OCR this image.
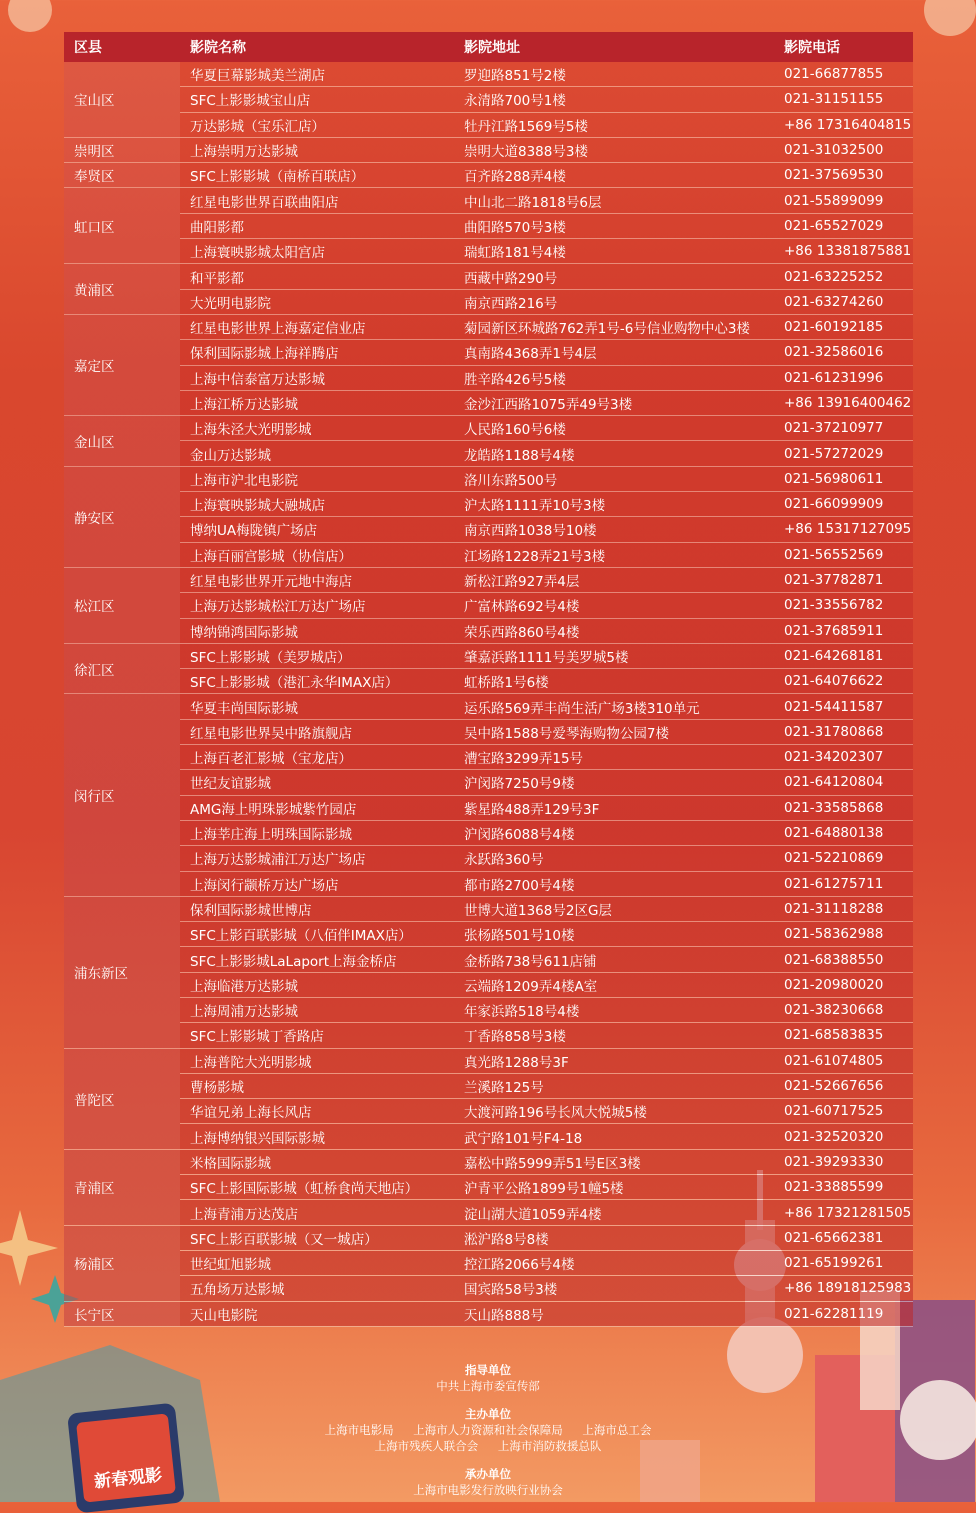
区县	影院名称	影院地址	影院电话
宝山区	华夏巨幕影城美兰湖店	罗迎路851号2楼	021-66877855
	SFC上影影城宝山店	永清路700号1楼	021-31151155
	万达影城（宝乐汇店）	牡丹江路1569号5楼	+86 17316404815
崇明区	上海崇明万达影城	崇明大道8388号3楼	021-31032500
奉贤区	SFC上影影城（南桥百联店）	百齐路288弄4楼	021-37569530
虹口区	红星电影世界百联曲阳店	中山北二路1818号6层	021-55899099
	曲阳影都	曲阳路570号3楼	021-65527029
	上海寰映影城太阳宫店	瑞虹路181号4楼	+86 13381875881
黄浦区	和平影都	西藏中路290号	021-63225252
	大光明电影院	南京西路216号	021-63274260
嘉定区	红星电影世界上海嘉定信业店	菊园新区环城路762弄1号-6号信业购物中心3楼	021-60192185
	保利国际影城上海祥腾店	真南路4368弄1号4层	021-32586016
	上海中信泰富万达影城	胜辛路426号5楼	021-61231996
	上海江桥万达影城	金沙江西路1075弄49号3楼	+86 13916400462
金山区	上海朱泾大光明影城	人民路160号6楼	021-37210977
	金山万达影城	龙皓路1188号4楼	021-57272029
静安区	上海市沪北电影院	洛川东路500号	021-56980611
	上海寰映影城大融城店	沪太路1111弄10号3楼	021-66099909
	博纳UA梅陇镇广场店	南京西路1038号10楼	+86 15317127095
	上海百丽宫影城（协信店）	江场路1228弄21号3楼	021-56552569
松江区	红星电影世界开元地中海店	新松江路927弄4层	021-37782871
	上海万达影城松江万达广场店	广富林路692号4楼	021-33556782
	博纳锦鸿国际影城	荣乐西路860号4楼	021-37685911
徐汇区	SFC上影影城（美罗城店）	肇嘉浜路1111号美罗城5楼	021-64268181
	SFC上影影城（港汇永华IMAX店）	虹桥路1号6楼	021-64076622
闵行区	华夏丰尚国际影城	运乐路569弄丰尚生活广场3楼310单元	021-54411587
	红星电影世界吴中路旗舰店	吴中路1588号爱琴海购物公园7楼	021-31780868
	上海百老汇影城（宝龙店）	漕宝路3299弄15号	021-34202307
	世纪友谊影城	沪闵路7250号9楼	021-64120804
	AMG海上明珠影城紫竹园店	紫星路488弄129号3F	021-33585868
	上海莘庄海上明珠国际影城	沪闵路6088号4楼	021-64880138
	上海万达影城浦江万达广场店	永跃路360号	021-52210869
	上海闵行颛桥万达广场店	都市路2700号4楼	021-61275711
浦东新区	保利国际影城世博店	世博大道1368号2区G层	021-31118288
	SFC上影百联影城（八佰伴IMAX店）	张杨路501号10楼	021-58362988
	SFC上影影城LaLaport上海金桥店	金桥路738号611店铺	021-68388550
	上海临港万达影城	云端路1209弄4楼A室	021-20980020
	上海周浦万达影城	年家浜路518号4楼	021-38230668
	SFC上影影城丁香路店	丁香路858号3楼	021-68583835
普陀区	上海普陀大光明影城	真光路1288号3F	021-61074805
	曹杨影城	兰溪路125号	021-52667656
	华谊兄弟上海长风店	大渡河路196号长风大悦城5楼	021-60717525
	上海博纳银兴国际影城	武宁路101号F4-18	021-32520320
青浦区	米格国际影城	嘉松中路5999弄51号E区3楼	021-39293330
	SFC上影国际影城（虹桥食尚天地店）	沪青平公路1899号1幢5楼	021-33885599
	上海青浦万达茂店	淀山湖大道1059弄4楼	+86 17321281505
杨浦区	SFC上影百联影城（又一城店）	淞沪路8号8楼	021-65662381
	世纪虹旭影城	控江路2066号4楼	021-65199261
	五角场万达影城	国宾路58号3楼	+86 18918125983
长宁区	天山电影院	天山路888号	021-62281119
指导单位
中共上海市委宣传部
主办单位
上海市电影局 上海市人力资源和社会保障局 上海市总工会
上海市残疾人联合会 上海市消防救援总队
承办单位
上海市电影发行放映行业协会
新春观影
